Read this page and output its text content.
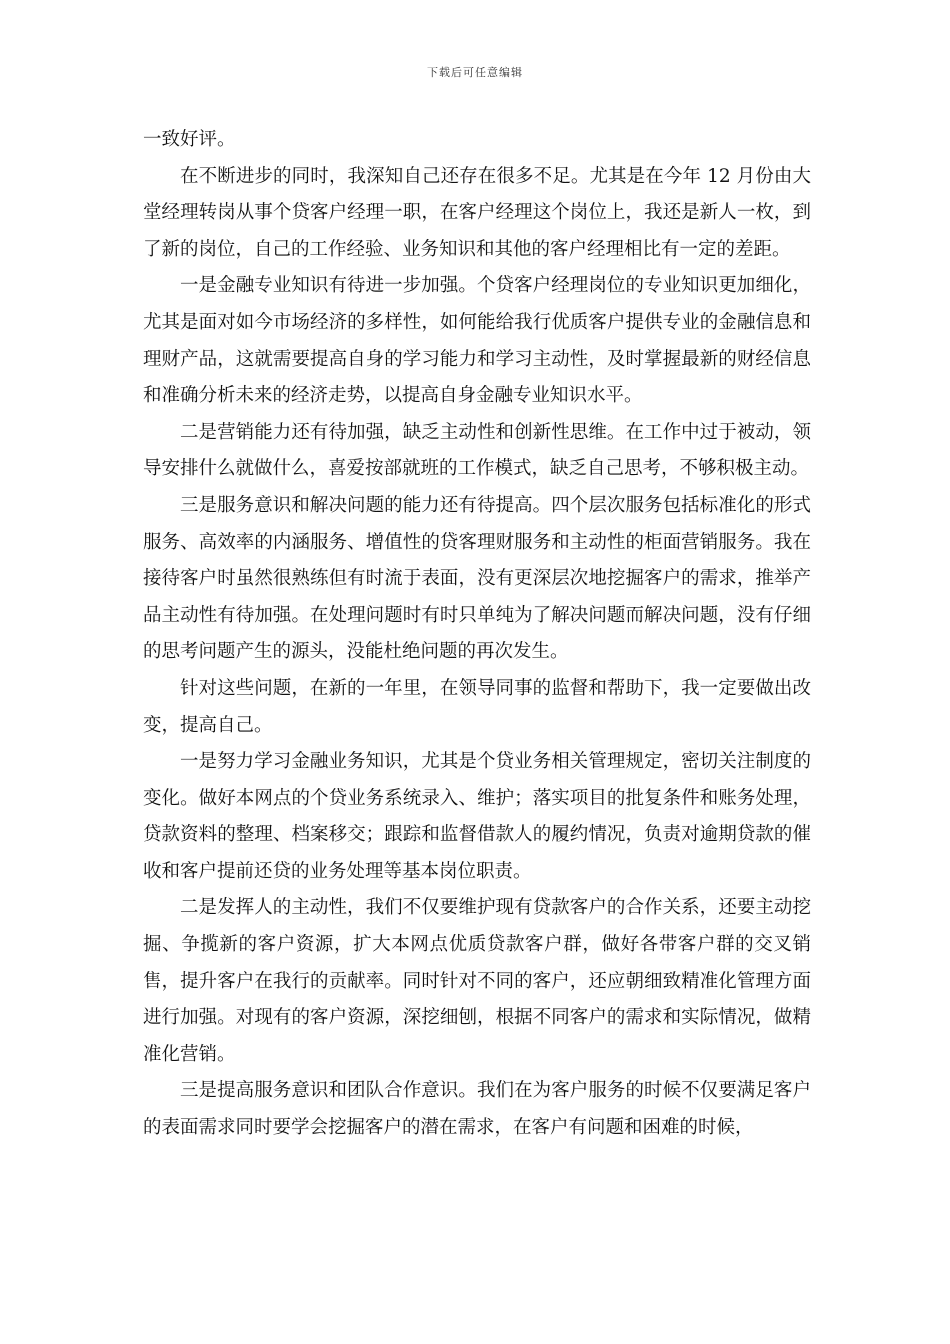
下载后可任意编辑

一致好评。

在不断进步的同时，我深知自己还存在很多不足。尤其是在今年 12 月份由大堂经理转岗从事个贷客户经理一职，在客户经理这个岗位上，我还是新人一枚，到了新的岗位，自己的工作经验、业务知识和其他的客户经理相比有一定的差距。

一是金融专业知识有待进一步加强。个贷客户经理岗位的专业知识更加细化，尤其是面对如今市场经济的多样性，如何能给我行优质客户提供专业的金融信息和理财产品，这就需要提高自身的学习能力和学习主动性，及时掌握最新的财经信息和准确分析未来的经济走势，以提高自身金融专业知识水平。

二是营销能力还有待加强，缺乏主动性和创新性思维。在工作中过于被动，领导安排什么就做什么，喜爱按部就班的工作模式，缺乏自己思考，不够积极主动。

三是服务意识和解决问题的能力还有待提高。四个层次服务包括标准化的形式服务、高效率的内涵服务、增值性的贷客理财服务和主动性的柜面营销服务。我在接待客户时虽然很熟练但有时流于表面，没有更深层次地挖掘客户的需求，推举产品主动性有待加强。在处理问题时有时只单纯为了解决问题而解决问题，没有仔细的思考问题产生的源头，没能杜绝问题的再次发生。

针对这些问题，在新的一年里，在领导同事的监督和帮助下，我一定要做出改变，提高自己。

一是努力学习金融业务知识，尤其是个贷业务相关管理规定，密切关注制度的变化。做好本网点的个贷业务系统录入、维护；落实项目的批复条件和账务处理，贷款资料的整理、档案移交；跟踪和监督借款人的履约情况，负责对逾期贷款的催收和客户提前还贷的业务处理等基本岗位职责。

二是发挥人的主动性，我们不仅要维护现有贷款客户的合作关系，还要主动挖掘、争揽新的客户资源，扩大本网点优质贷款客户群，做好各带客户群的交叉销售，提升客户在我行的贡献率。同时针对不同的客户，还应朝细致精准化管理方面进行加强。对现有的客户资源，深挖细刨，根据不同客户的需求和实际情况，做精准化营销。

三是提高服务意识和团队合作意识。我们在为客户服务的时候不仅要满足客户的表面需求同时要学会挖掘客户的潜在需求，在客户有问题和困难的时候，
